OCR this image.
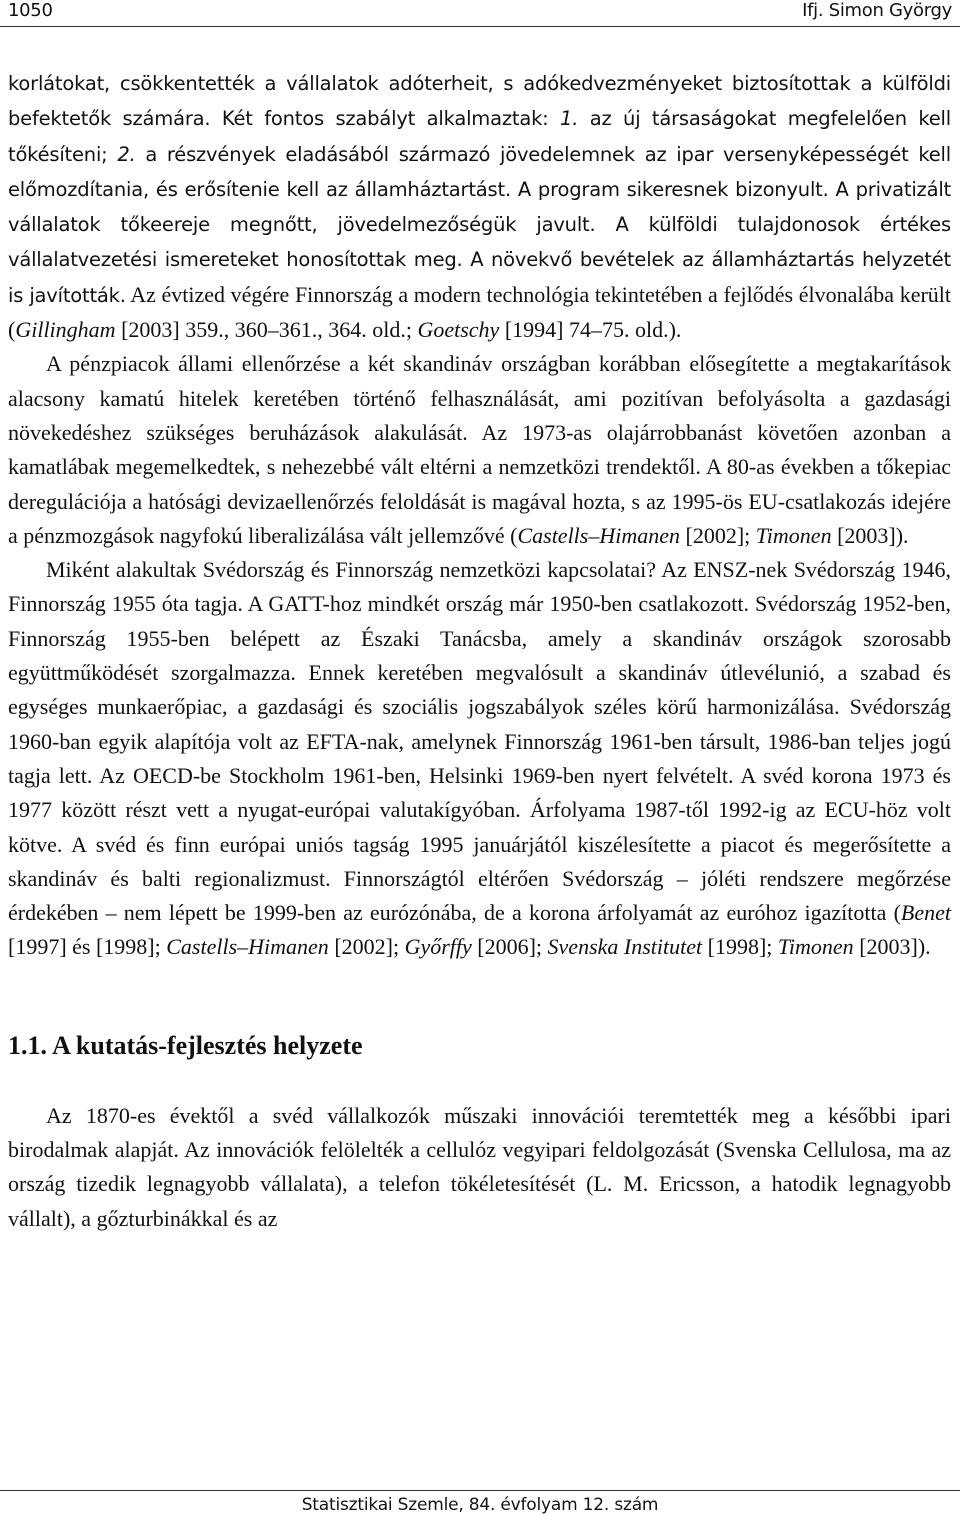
1050	Ifj. Simon György

korlátokat, csökkentették a vállalatok adóterheit, s adókedvezményeket biztosítottak a külföldi befektetők számára. Két fontos szabályt alkalmaztak: 1. az új társaságokat megfelelően kell tőkésíteni; 2. a részvények eladásából származó jövedelemnek az ipar versenyképességét kell előmozdítania, és erősítenie kell az államháztartást. A program sikeresnek bizonyult. A privatizált vállalatok tőkeereje megnőtt, jövedelmezőségük javult. A külföldi tulajdonosok értékes vállalatvezetési ismereteket honosítottak meg. A növekvő bevételek az államháztartás helyzetét is javították. Az évtized végére Finnország a modern technológia tekintetében a fejlődés élvonalába került (Gillingham [2003] 359., 360–361., 364. old.; Goetschy [1994] 74–75. old.).

A pénzpiacok állami ellenőrzése a két skandináv országban korábban elősegítette a megtakarítások alacsony kamatú hitelek keretében történő felhasználását, ami pozitívan befolyásolta a gazdasági növekedéshez szükséges beruházások alakulását. Az 1973-as olajárrobbanást követően azonban a kamatlábak megemelkedtek, s nehezebbé vált eltérni a nemzetközi trendektől. A 80-as években a tőkepiac deregulációja a hatósági devizaellenőrzés feloldását is magával hozta, s az 1995-ös EU-csatlakozás idejére a pénzmozgások nagyfokú liberalizálása vált jellemzővé (Castells–Himanen [2002]; Timonen [2003]).

Miként alakultak Svédország és Finnország nemzetközi kapcsolatai? Az ENSZ-nek Svédország 1946, Finnország 1955 óta tagja. A GATT-hoz mindkét ország már 1950-ben csatlakozott. Svédország 1952-ben, Finnország 1955-ben belépett az Északi Tanácsba, amely a skandináv országok szorosabb együttműködését szorgalmazza. Ennek keretében megvalósult a skandináv útlevélunió, a szabad és egységes munkaerőpiac, a gazdasági és szociális jogszabályok széles körű harmonizálása. Svédország 1960-ban egyik alapítója volt az EFTA-nak, amelynek Finnország 1961-ben társult, 1986-ban teljes jogú tagja lett. Az OECD-be Stockholm 1961-ben, Helsinki 1969-ben nyert felvételt. A svéd korona 1973 és 1977 között részt vett a nyugat-európai valutakígyóban. Árfolyama 1987-től 1992-ig az ECU-höz volt kötve. A svéd és finn európai uniós tagság 1995 januárjától kiszélesítette a piacot és megerősítette a skandináv és balti regionalizmust. Finnországtól eltérően Svédország – jóléti rendszere megőrzése érdekében – nem lépett be 1999-ben az eurózónába, de a korona árfolyamát az euróhoz igazította (Benet [1997] és [1998]; Castells–Himanen [2002]; Győrffy [2006]; Svenska Institutet [1998]; Timonen [2003]).

1.1. A kutatás-fejlesztés helyzete

Az 1870-es évektől a svéd vállalkozók műszaki innovációi teremtették meg a későbbi ipari birodalmak alapját. Az innovációk felölelték a cellulóz vegyipari feldolgozását (Svenska Cellulosa, ma az ország tizedik legnagyobb vállalata), a telefon tökéletesítését (L. M. Ericsson, a hatodik legnagyobb vállalt), a gőzturbinákkal és az

Statisztikai Szemle, 84. évfolyam 12. szám
